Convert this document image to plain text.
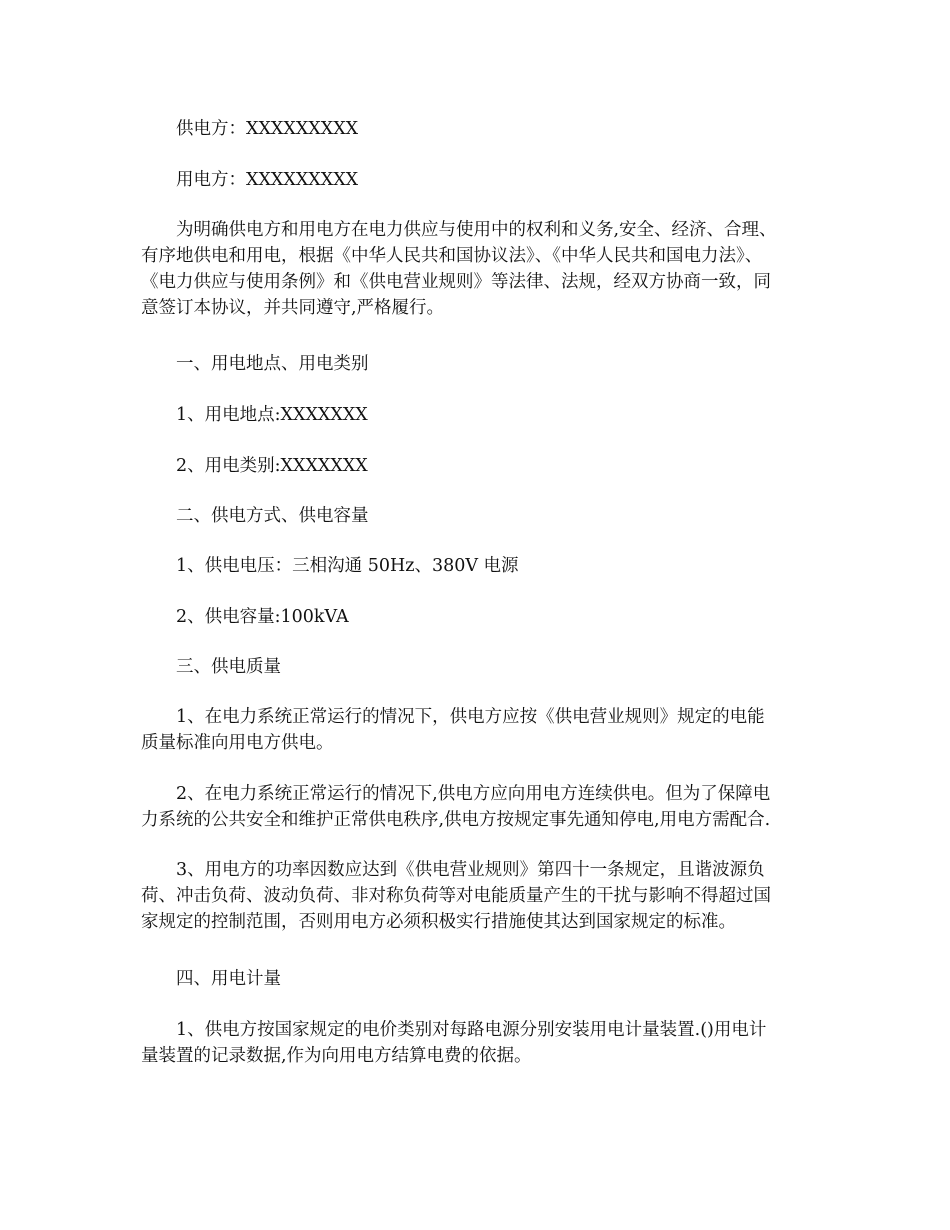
供电方：XXXXXXXXX

用电方：XXXXXXXXX

为明确供电方和用电方在电力供应与使用中的权利和义务,安全、经济、合理、
有序地供电和用电，根据《中华人民共和国协议法》、《中华人民共和国电力法》、
《电力供应与使用条例》和《供电营业规则》等法律、法规，经双方协商一致，同
意签订本协议，并共同遵守,严格履行。

一、用电地点、用电类别

1、用电地点:XXXXXXX

2、用电类别:XXXXXXX

二、供电方式、供电容量

1、供电电压：三相沟通 50Hz、380V 电源

2、供电容量:100kVA

三、供电质量

1、在电力系统正常运行的情况下，供电方应按《供电营业规则》规定的电能
质量标准向用电方供电。

2、在电力系统正常运行的情况下,供电方应向用电方连续供电。但为了保障电
力系统的公共安全和维护正常供电秩序,供电方按规定事先通知停电,用电方需配合.

3、用电方的功率因数应达到《供电营业规则》第四十一条规定，且谐波源负
荷、冲击负荷、波动负荷、非对称负荷等对电能质量产生的干扰与影响不得超过国
家规定的控制范围，否则用电方必须积极实行措施使其达到国家规定的标准。

四、用电计量

1、供电方按国家规定的电价类别对每路电源分别安装用电计量装置.()用电计
量装置的记录数据,作为向用电方结算电费的依据。
